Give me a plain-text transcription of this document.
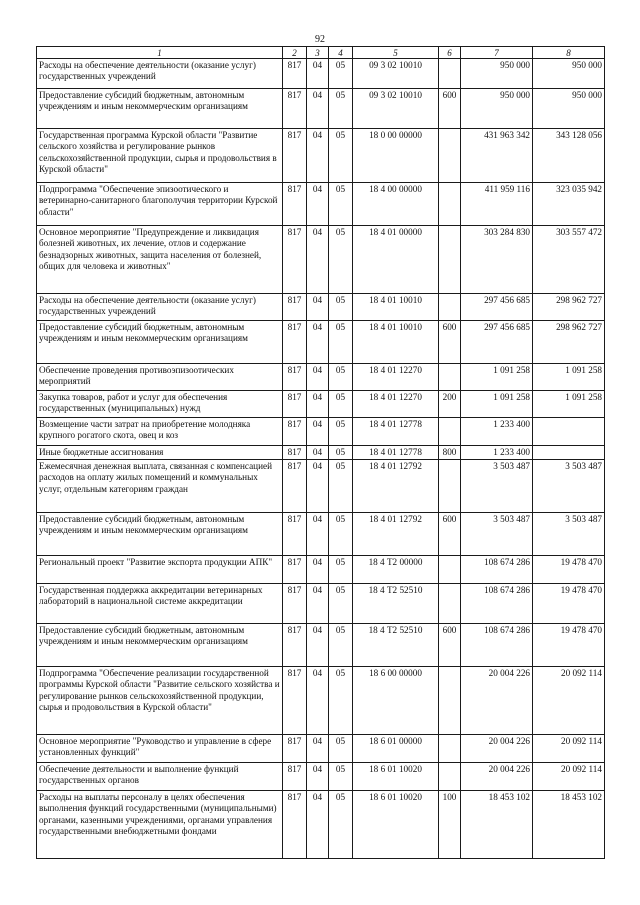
92
1	2	3	4	5	6	7	8
Расходы на обеспечение деятельности (оказание услуг) государственных учреждений	817	04	05	09 3 02 10010		950 000	950 000
Предоставление субсидий бюджетным, автономным учреждениям и иным некоммерческим организациям	817	04	05	09 3 02 10010	600	950 000	950 000
Государственная программа Курской области "Развитие сельского хозяйства и регулирование рынков сельскохозяйственной продукции, сырья и продовольствия в Курской области"	817	04	05	18 0 00 00000		431 963 342	343 128 056
Подпрограмма "Обеспечение эпизоотического и ветеринарно-санитарного благополучия территории Курской области"	817	04	05	18 4 00 00000		411 959 116	323 035 942
Основное мероприятие "Предупреждение и ликвидация болезней животных, их лечение, отлов и содержание безнадзорных животных, защита населения от болезней, общих для человека и животных"	817	04	05	18 4 01 00000		303 284 830	303 557 472
Расходы на обеспечение деятельности (оказание услуг) государственных учреждений	817	04	05	18 4 01 10010		297 456 685	298 962 727
Предоставление субсидий бюджетным, автономным учреждениям и иным некоммерческим организациям	817	04	05	18 4 01 10010	600	297 456 685	298 962 727
Обеспечение проведения противоэпизоотических мероприятий	817	04	05	18 4 01 12270		1 091 258	1 091 258
Закупка товаров, работ и услуг для обеспечения государственных (муниципальных) нужд	817	04	05	18 4 01 12270	200	1 091 258	1 091 258
Возмещение части затрат на приобретение молодняка крупного рогатого скота, овец и коз	817	04	05	18 4 01 12778		1 233 400	
Иные бюджетные ассигнования	817	04	05	18 4 01 12778	800	1 233 400	
Ежемесячная денежная выплата, связанная с компенсацией расходов на оплату жилых помещений и коммунальных услуг, отдельным категориям граждан	817	04	05	18 4 01 12792		3 503 487	3 503 487
Предоставление субсидий бюджетным, автономным учреждениям и иным некоммерческим организациям	817	04	05	18 4 01 12792	600	3 503 487	3 503 487
Региональный проект "Развитие экспорта продукции АПК"	817	04	05	18 4 Т2 00000		108 674 286	19 478 470
Государственная поддержка аккредитации ветеринарных лабораторий в национальной системе аккредитации	817	04	05	18 4 Т2 52510		108 674 286	19 478 470
Предоставление субсидий бюджетным, автономным учреждениям и иным некоммерческим организациям	817	04	05	18 4 Т2 52510	600	108 674 286	19 478 470
Подпрограмма "Обеспечение реализации государственной программы Курской области "Развитие сельского хозяйства и регулирование рынков сельскохозяйственной продукции, сырья и продовольствия в Курской области"	817	04	05	18 6 00 00000		20 004 226	20 092 114
Основное мероприятие "Руководство и управление в сфере установленных функций"	817	04	05	18 6 01 00000		20 004 226	20 092 114
Обеспечение деятельности и выполнение функций государственных органов	817	04	05	18 6 01 10020		20 004 226	20 092 114
Расходы на выплаты персоналу в целях обеспечения выполнения функций государственными (муниципальными) органами, казенными учреждениями, органами управления государственными внебюджетными фондами	817	04	05	18 6 01 10020	100	18 453 102	18 453 102
